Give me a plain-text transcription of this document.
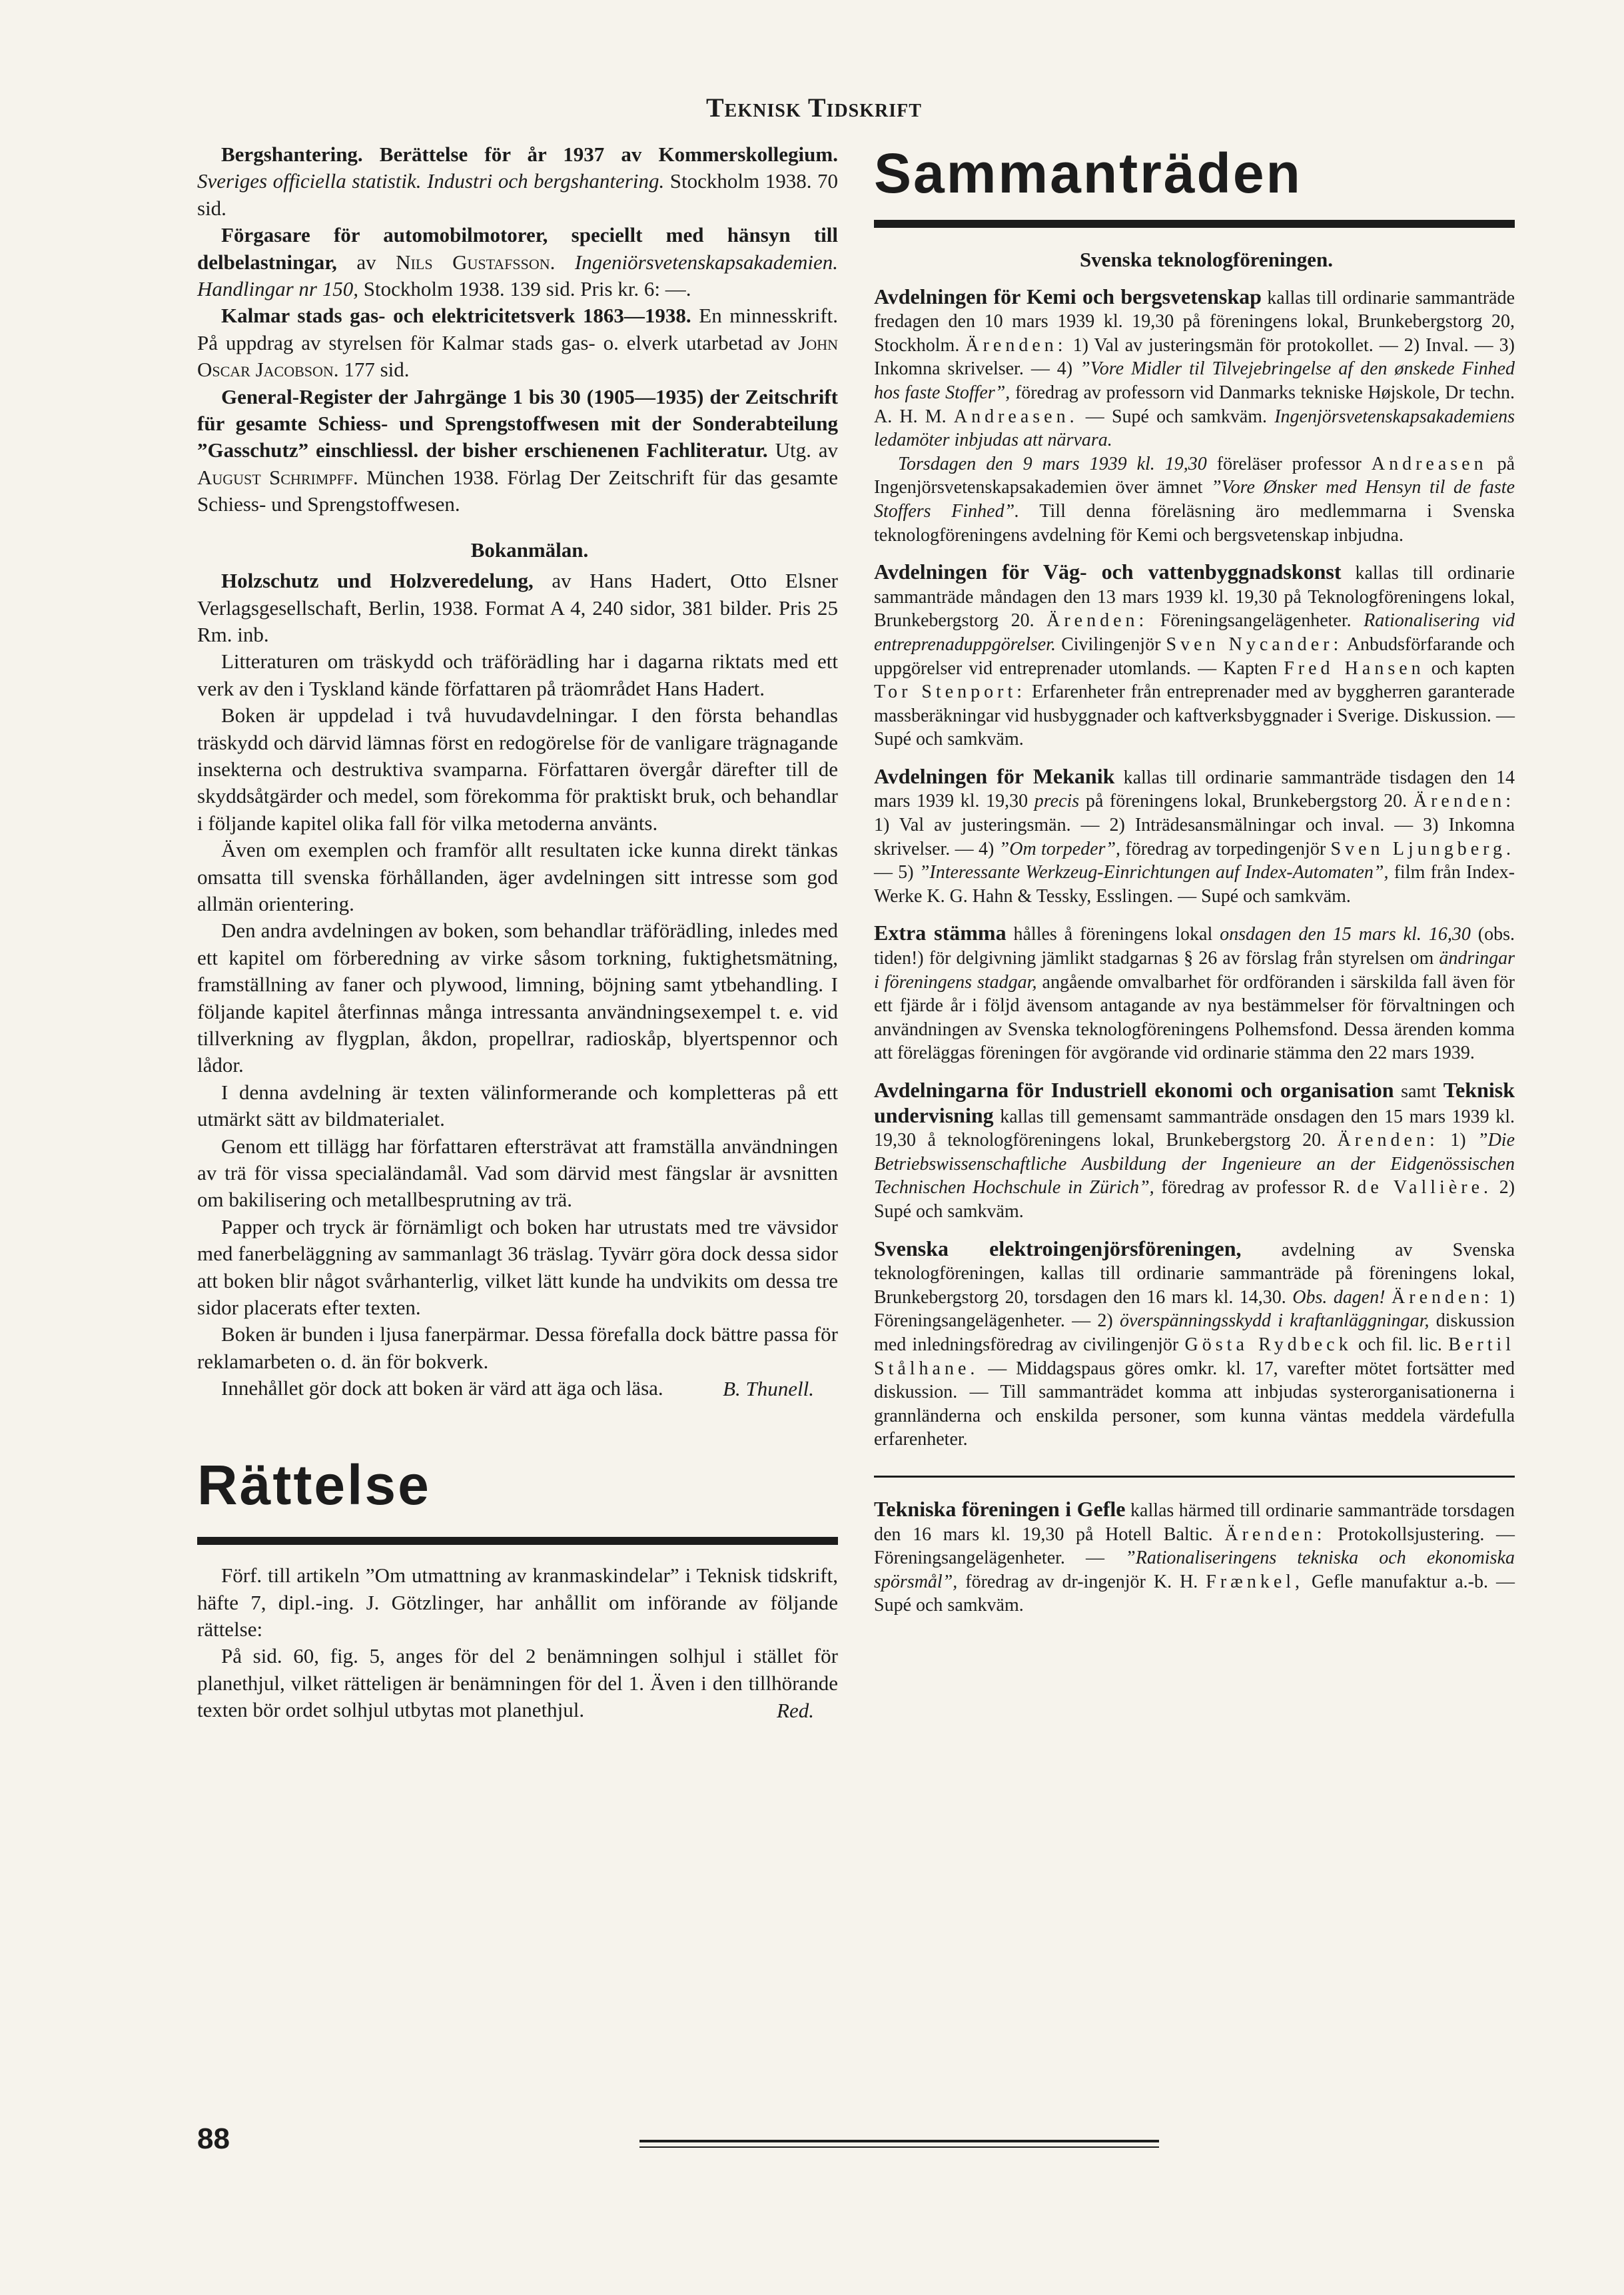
Teknisk Tidskrift

Bergshantering. Berättelse för år 1937 av Kommerskollegium. Sveriges officiella statistik. Industri och bergshantering. Stockholm 1938. 70 sid.

Förgasare för automobilmotorer, speciellt med hänsyn till delbelastningar, av Nils Gustafsson. Ingeniörsvetenskapsakademien. Handlingar nr 150, Stockholm 1938. 139 sid. Pris kr. 6: —.

Kalmar stads gas- och elektricitetsverk 1863—1938. En minnesskrift. På uppdrag av styrelsen för Kalmar stads gas- o. elverk utarbetad av John Oscar Jacobson. 177 sid.

General-Register der Jahrgänge 1 bis 30 (1905—1935) der Zeitschrift für gesamte Schiess- und Sprengstoffwesen mit der Sonderabteilung ”Gasschutz” einschliessl. der bisher erschienenen Fachliteratur. Utg. av August Schrimpff. München 1938. Förlag Der Zeitschrift für das gesamte Schiess- und Sprengstoffwesen.

Bokanmälan.

Holzschutz und Holzveredelung, av Hans Hadert, Otto Elsner Verlagsgesellschaft, Berlin, 1938. Format A 4, 240 sidor, 381 bilder. Pris 25 Rm. inb.

Litteraturen om träskydd och träförädling har i dagarna riktats med ett verk av den i Tyskland kände författaren på träområdet Hans Hadert.

Boken är uppdelad i två huvudavdelningar. I den första behandlas träskydd och därvid lämnas först en redogörelse för de vanligare trägnagande insekterna och destruktiva svamparna. Författaren övergår därefter till de skyddsåtgärder och medel, som förekomma för praktiskt bruk, och behandlar i följande kapitel olika fall för vilka metoderna använts.

Även om exemplen och framför allt resultaten icke kunna direkt tänkas omsatta till svenska förhållanden, äger avdelningen sitt intresse som god allmän orientering.

Den andra avdelningen av boken, som behandlar träförädling, inledes med ett kapitel om förberedning av virke såsom torkning, fuktighetsmätning, framställning av faner och plywood, limning, böjning samt ytbehandling. I följande kapitel återfinnas många intressanta användningsexempel t. e. vid tillverkning av flygplan, åkdon, propellrar, radioskåp, blyertspennor och lådor.

I denna avdelning är texten välinformerande och kompletteras på ett utmärkt sätt av bildmaterialet.

Genom ett tillägg har författaren eftersträvat att framställa användningen av trä för vissa specialändamål. Vad som därvid mest fängslar är avsnitten om bakilisering och metallbesprutning av trä.

Papper och tryck är förnämligt och boken har utrustats med tre vävsidor med fanerbeläggning av sammanlagt 36 träslag. Tyvärr göra dock dessa sidor att boken blir något svårhanterlig, vilket lätt kunde ha undvikits om dessa tre sidor placerats efter texten.

Boken är bunden i ljusa fanerpärmar. Dessa förefalla dock bättre passa för reklamarbeten o. d. än för bokverk.

Innehållet gör dock att boken är värd att äga och läsa.	B. Thunell.
Rättelse

Förf. till artikeln ”Om utmattning av kranmaskindelar” i Teknisk tidskrift, häfte 7, dipl.-ing. J. Götzlinger, har anhållit om införande av följande rättelse:

På sid. 60, fig. 5, anges för del 2 benämningen solhjul i stället för planethjul, vilket rätteligen är benämningen för del 1. Även i den tillhörande texten bör ordet solhjul utbytas mot planethjul.	Red.
Sammanträden

Svenska teknologföreningen.

Avdelningen för Kemi och bergsvetenskap kallas till ordinarie sammanträde fredagen den 10 mars 1939 kl. 19,30 på föreningens lokal, Brunkebergstorg 20, Stockholm. Ärenden: 1) Val av justeringsmän för protokollet. — 2) Inval. — 3) Inkomna skrivelser. — 4) ”Vore Midler til Tilvejebringelse af den ønskede Finhed hos faste Stoffer”, föredrag av professorn vid Danmarks tekniske Højskole, Dr techn. A. H. M. Andreasen. — Supé och samkväm. Ingenjörsvetenskapsakademiens ledamöter inbjudas att närvara.

Torsdagen den 9 mars 1939 kl. 19,30 föreläser professor Andreasen på Ingenjörsvetenskapsakademien över ämnet ”Vore Ønsker med Hensyn til de faste Stoffers Finhed”. Till denna föreläsning äro medlemmarna i Svenska teknologföreningens avdelning för Kemi och bergsvetenskap inbjudna.

Avdelningen för Väg- och vattenbyggnadskonst kallas till ordinarie sammanträde måndagen den 13 mars 1939 kl. 19,30 på Teknologföreningens lokal, Brunkebergstorg 20. Ärenden: Föreningsangelägenheter. Rationalisering vid entreprenaduppgörelser. Civilingenjör Sven Nycander: Anbudsförfarande och uppgörelser vid entreprenader utomlands. — Kapten Fred Hansen och kapten Tor Stenport: Erfarenheter från entreprenader med av byggherren garanterade massberäkningar vid husbyggnader och kaftverksbyggnader i Sverige. Diskussion. — Supé och samkväm.

Avdelningen för Mekanik kallas till ordinarie sammanträde tisdagen den 14 mars 1939 kl. 19,30 precis på föreningens lokal, Brunkebergstorg 20. Ärenden: 1) Val av justeringsmän. — 2) Inträdesansmälningar och inval. — 3) Inkomna skrivelser. — 4) ”Om torpeder”, föredrag av torpedingenjör Sven Ljungberg. — 5) ”Interessante Werkzeug-Einrichtungen auf Index-Automaten”, film från Index-Werke K. G. Hahn & Tessky, Esslingen. — Supé och samkväm.

Extra stämma hålles å föreningens lokal onsdagen den 15 mars kl. 16,30 (obs. tiden!) för delgivning jämlikt stadgarnas § 26 av förslag från styrelsen om ändringar i föreningens stadgar, angående omvalbarhet för ordföranden i särskilda fall även för ett fjärde år i följd ävensom antagande av nya bestämmelser för förvaltningen och användningen av Svenska teknologföreningens Polhemsfond. Dessa ärenden komma att föreläggas föreningen för avgörande vid ordinarie stämma den 22 mars 1939.

Avdelningarna för Industriell ekonomi och organisation samt Teknisk undervisning kallas till gemensamt sammanträde onsdagen den 15 mars 1939 kl. 19,30 å teknologföreningens lokal, Brunkebergstorg 20. Ärenden: 1) ”Die Betriebswissenschaftliche Ausbildung der Ingenieure an der Eidgenössischen Technischen Hochschule in Zürich”, föredrag av professor R. de Vallière. 2) Supé och samkväm.

Svenska elektroingenjörsföreningen, avdelning av Svenska teknologföreningen, kallas till ordinarie sammanträde på föreningens lokal, Brunkebergstorg 20, torsdagen den 16 mars kl. 14,30. Obs. dagen! Ärenden: 1) Föreningsangelägenheter. — 2) överspänningsskydd i kraftanläggningar, diskussion med inledningsföredrag av civilingenjör Gösta Rydbeck och fil. lic. Bertil Stålhane. — Middagspaus göres omkr. kl. 17, varefter mötet fortsätter med diskussion. — Till sammanträdet komma att inbjudas systerorganisationerna i grannländerna och enskilda personer, som kunna väntas meddela värdefulla erfarenheter.

Tekniska föreningen i Gefle kallas härmed till ordinarie sammanträde torsdagen den 16 mars kl. 19,30 på Hotell Baltic. Ärenden: Protokollsjustering. — Föreningsangelägenheter. — ”Rationaliseringens tekniska och ekonomiska spörsmål”, föredrag av dr-ingenjör K. H. Frænkel, Gefle manufaktur a.-b. — Supé och samkväm.

88
